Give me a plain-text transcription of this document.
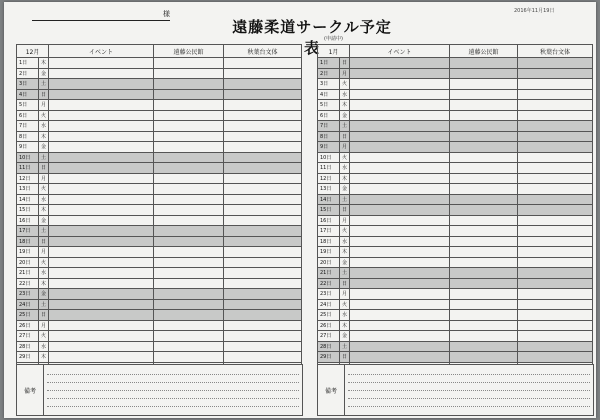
様	2016年11月19日
遠藤柔道サークル予定表 (申請中)
12月		イベント	遠藤公民館	秋葉台文体
1日	木			
2日	金			
3日	土			
4日	日			
5日	月			
6日	火			
7日	水			
8日	木			
9日	金			
10日	土			
11日	日			
12日	月			
13日	火			
14日	水			
15日	木			
16日	金			
17日	土			
18日	日			
19日	月			
20日	火			
21日	水			
22日	木			
23日	金			
24日	土			
25日	日			
26日	月			
27日	火			
28日	水			
29日	木			

1月		イベント	遠藤公民館	秋葉台文体
1日	日			
2日	月			
3日	火			
4日	水			
5日	木			
6日	金			
7日	土			
8日	日			
9日	月			
10日	火			
11日	水			
12日	木			
13日	金			
14日	土			
15日	日			
16日	月			
17日	火			
18日	水			
19日	木			
20日	金			
21日	土			
22日	日			
23日	月			
24日	火			
25日	水			
26日	木			
27日	金			
28日	土			
29日	日			

備考	備考
